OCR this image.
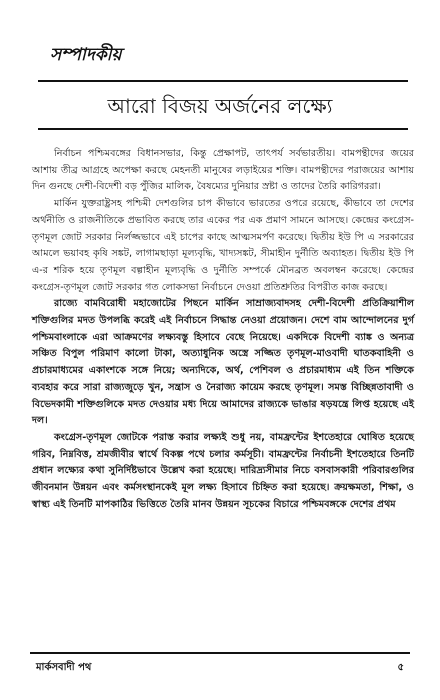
সম্পাদকীয়
আরো বিজয় অর্জনের লক্ষ্যে

নির্বাচন পশ্চিমবঙ্গের বিধানসভার, কিন্তু প্রেক্ষাপট, তাৎপর্য সর্বভারতীয়। বামপন্থীদের জয়ের আশায় তীব্র আগ্রহে অপেক্ষা করছে মেহনতী মানুষের লড়াইয়ের শক্তি। বামপন্থীদের পরাজয়ের আশায় দিন গুনছে দেশী-বিদেশী বড় পুঁজির মালিক, বৈষম্যের দুনিয়ার স্রষ্টা ও তাদের তৈরি কারিগররা।

মার্কিন যুক্তরাষ্ট্রসহ পশ্চিমী দেশগুলির চাপ কীভাবে ভারতের ওপরে রয়েছে, কীভাবে তা দেশের অর্থনীতি ও রাজনীতিকে প্রভাবিত করছে তার একের পর এক প্রমাণ সামনে আসছে। কেন্দ্রের কংগ্রেস-তৃণমূল জোট সরকার নির্লজ্জভাবে এই চাপের কাছে আত্মসমর্পণ করেছে। দ্বিতীয় ইউ পি এ সরকারের আমলে ভয়াবহ কৃষি সঙ্কট, লাগামছাড়া মূল্যবৃদ্ধি, খাদ্যসঙ্কট, সীমাহীন দুর্নীতি অব্যাহত। দ্বিতীয় ইউ পি এ-র শরিক হয়ে তৃণমূল বল্গাহীন মূল্যবৃদ্ধি ও দুর্নীতি সম্পর্কে মৌনব্রত অবলম্বন করেছে। কেন্দ্রের কংগ্রেস-তৃণমূল জোট সরকার গত লোকসভা নির্বাচনে দেওয়া প্রতিশ্রুতির বিপরীত কাজ করছে।

রাজ্যে বামবিরোধী মহাজোটের পিছনে মার্কিন সাম্রাজ্যবাদসহ দেশী-বিদেশী প্রতিক্রিয়াশীল শক্তিগুলির মদত উপলব্ধি করেই এই নির্বাচনে সিদ্ধান্ত নেওয়া প্রয়োজন। দেশে বাম আন্দোলনের দুর্গ পশ্চিমবাংলাকে এরা আক্রমণের লক্ষ্যবস্তু হিসাবে বেছে নিয়েছে। একদিকে বিদেশী ব্যাঙ্ক ও অন্যত্র সঞ্চিত বিপুল পরিমাণ কালো টাকা, অত্যাধুনিক অস্ত্রে সজ্জিত তৃণমূল-মাওবাদী ঘাতকবাহিনী ও প্রচারমাধ্যমের একাংশকে সঙ্গে নিয়ে; অন্যদিকে, অর্থ, পেশিবল ও প্রচারমাধ্যম এই তিন শক্তিকে ব্যবহার করে সারা রাজ্যজুড়ে খুন, সন্ত্রাস ও নৈরাজ্য কায়েম করছে তৃণমূল। সমস্ত বিচ্ছিন্নতাবাদী ও বিভেদকামী শক্তিগুলিকে মদত দেওয়ার মধ্য দিয়ে আমাদের রাজ্যকে ভাঙার ষড়যন্ত্রে লিপ্ত হয়েছে এই দল।

কংগ্রেস-তৃণমূল জোটকে পরাস্ত করার লক্ষ্যই শুধু নয়, বামফ্রন্টের ইশতেহারে ঘোষিত হয়েছে গরিব, নিম্নবিত্ত, শ্রমজীবীর স্বার্থে বিকল্প পথে চলার কর্মসূচী। বামফ্রন্টের নির্বাচনী ইশতেহারে তিনটি প্রধান লক্ষ্যের কথা সুনির্দিষ্টভাবে উল্লেখ করা হয়েছে। দারিদ্র্যসীমার নিচে বসবাসকারী পরিবারগুলির জীবনমান উন্নয়ন এবং কর্মসংস্থানকেই মূল লক্ষ্য হিসাবে চিহ্নিত করা হয়েছে। ক্রয়ক্ষমতা, শিক্ষা, ও স্বাস্থ্য এই তিনটি মাপকাঠির ভিত্তিতে তৈরি মানব উন্নয়ন সূচকের বিচারে পশ্চিমবঙ্গকে দেশের প্রথম

মার্কসবাদী পথ	৫
